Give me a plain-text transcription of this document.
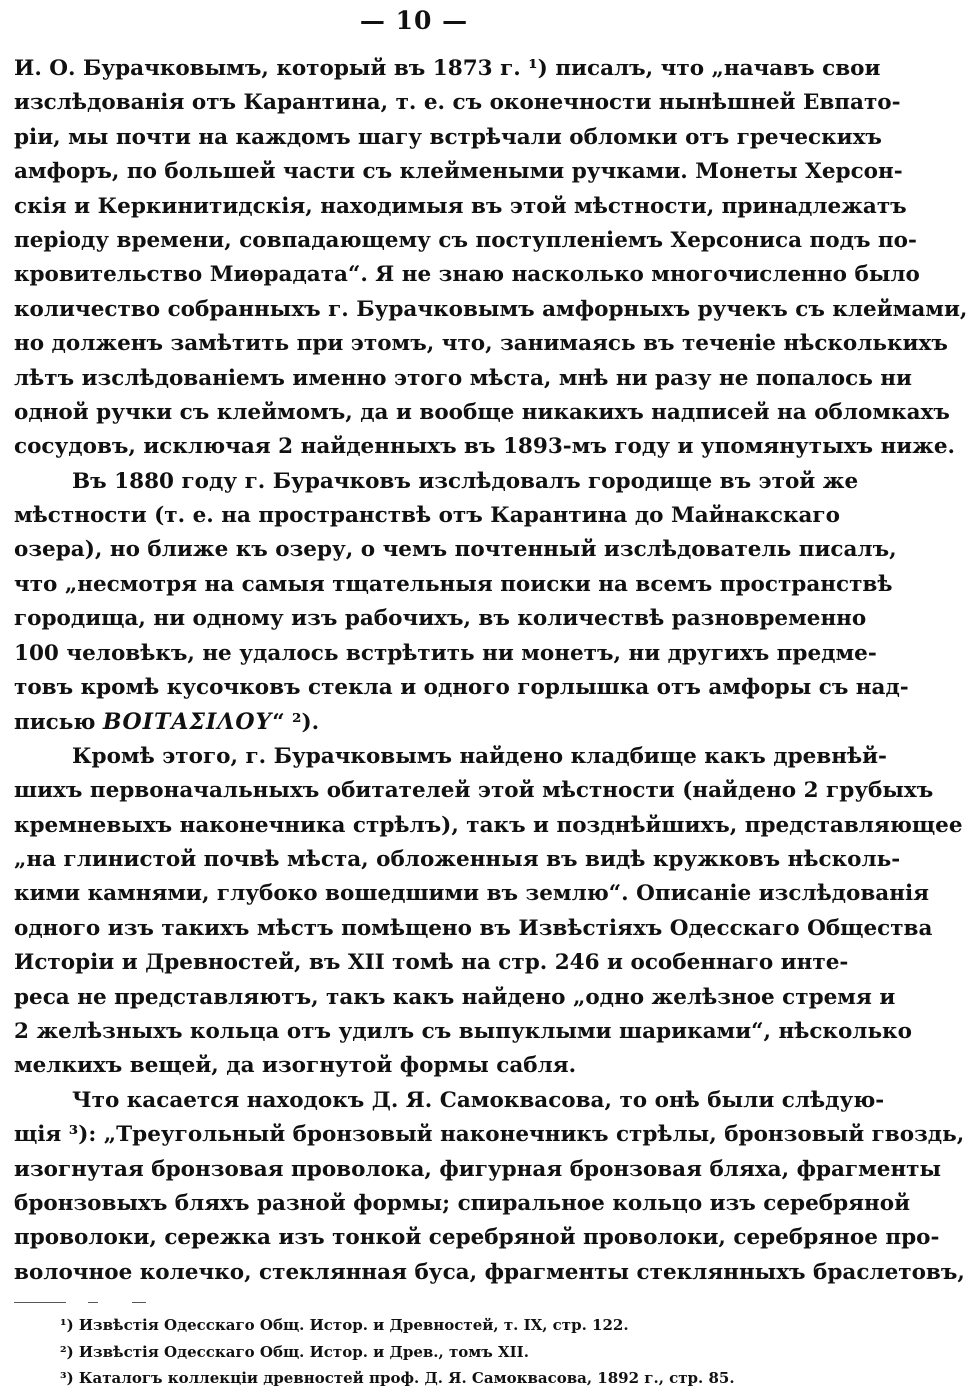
— 10 —
И. О. Бурачковымъ, который въ 1873 г. ¹) писалъ, что „начавъ свои
изслѣдованія отъ Карантина, т. е. съ оконечности нынѣшней Евпато-
ріи, мы почти на каждомъ шагу встрѣчали обломки отъ греческихъ
амфоръ, по большей части съ клеймеными ручками. Монеты Херсон-
скія и Керкинитидскія, находимыя въ этой мѣстности, принадлежатъ
періоду времени, совпадающему съ поступленіемъ Херсониса подъ по-
кровительство Миѳрадата“. Я не знаю насколько многочисленно было
количество собранныхъ г. Бурачковымъ амфорныхъ ручекъ съ клеймами,
но долженъ замѣтить при этомъ, что, занимаясь въ теченіе нѣсколькихъ
лѣтъ изслѣдованіемъ именно этого мѣста, мнѣ ни разу не попалось ни
одной ручки съ клеймомъ, да и вообще никакихъ надписей на обломкахъ
сосудовъ, исключая 2 найденныхъ въ 1893-мъ году и упомянутыхъ ниже.
Въ 1880 году г. Бурачковъ изслѣдовалъ городище въ этой же
мѣстности (т. е. на пространствѣ отъ Карантина до Майнакскаго
озера), но ближе къ озеру, о чемъ почтенный изслѣдователь писалъ,
что „несмотря на самыя тщательныя поиски на всемъ пространствѣ
городища, ни одному изъ рабочихъ, въ количествѣ разновременно
100 человѣкъ, не удалось встрѣтить ни монетъ, ни другихъ предме-
товъ кромѣ кусочковъ стекла и одного горлышка отъ амфоры съ над-
писью ΒΟΙΤΑΣΙΛΟΥ“ ²).
Кромѣ этого, г. Бурачковымъ найдено кладбище какъ древнѣй-
шихъ первоначальныхъ обитателей этой мѣстности (найдено 2 грубыхъ
кремневыхъ наконечника стрѣлъ), такъ и позднѣйшихъ, представляющее
„на глинистой почвѣ мѣста, обложенныя въ видѣ кружковъ нѣсколь-
кими камнями, глубоко вошедшими въ землю“. Описаніе изслѣдованія
одного изъ такихъ мѣстъ помѣщено въ Извѣстіяхъ Одесскаго Общества
Исторіи и Древностей, въ XII томѣ на стр. 246 и особеннаго инте-
реса не представляютъ, такъ какъ найдено „одно желѣзное стремя и
2 желѣзныхъ кольца отъ удилъ съ выпуклыми шариками“, нѣсколько
мелкихъ вещей, да изогнутой формы сабля.
Что касается находокъ Д. Я. Самоквасова, то онѣ были слѣдую-
щія ³): „Треугольный бронзовый наконечникъ стрѣлы, бронзовый гвоздь,
изогнутая бронзовая проволока, фигурная бронзовая бляха, фрагменты
бронзовыхъ бляхъ разной формы; спиральное кольцо изъ серебряной
проволоки, сережка изъ тонкой серебряной проволоки, серебряное про-
волочное колечко, стеклянная буса, фрагменты стеклянныхъ браслетовъ,
¹) Извѣстія Одесскаго Общ. Истор. и Древностей, т. IX, стр. 122.
²) Извѣстія Одесскаго Общ. Истор. и Древ., томъ XII.
³) Каталогъ коллекціи древностей проф. Д. Я. Самоквасова, 1892 г., стр. 85.
